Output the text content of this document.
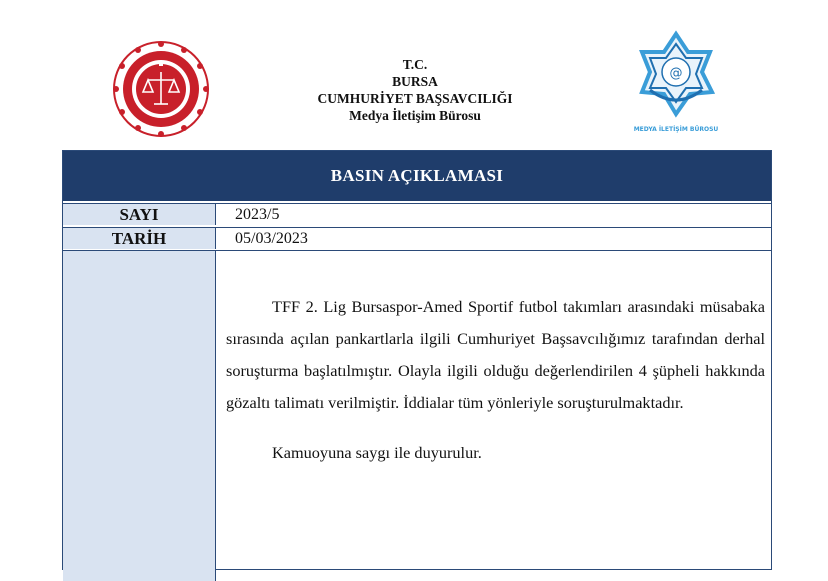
@
MEDYA İLETİŞİM BÜROSU
T.C.
BURSA
CUMHURİYET BAŞSAVCILIĞI
Medya İletişim Bürosu
BASIN AÇIKLAMASI
SAYI	2023/5
TARİH	05/03/2023

TFF 2. Lig Bursaspor-Amed Sportif futbol takımları arasındaki müsabaka sırasında açılan pankartlarla ilgili Cumhuriyet Başsavcılığımız tarafından derhal soruşturma başlatılmıştır. Olayla ilgili olduğu değerlendirilen 4 şüpheli hakkında gözaltı talimatı verilmiştir. İddialar tüm yönleriyle soruşturulmaktadır.

Kamuoyuna saygı ile duyurulur.
